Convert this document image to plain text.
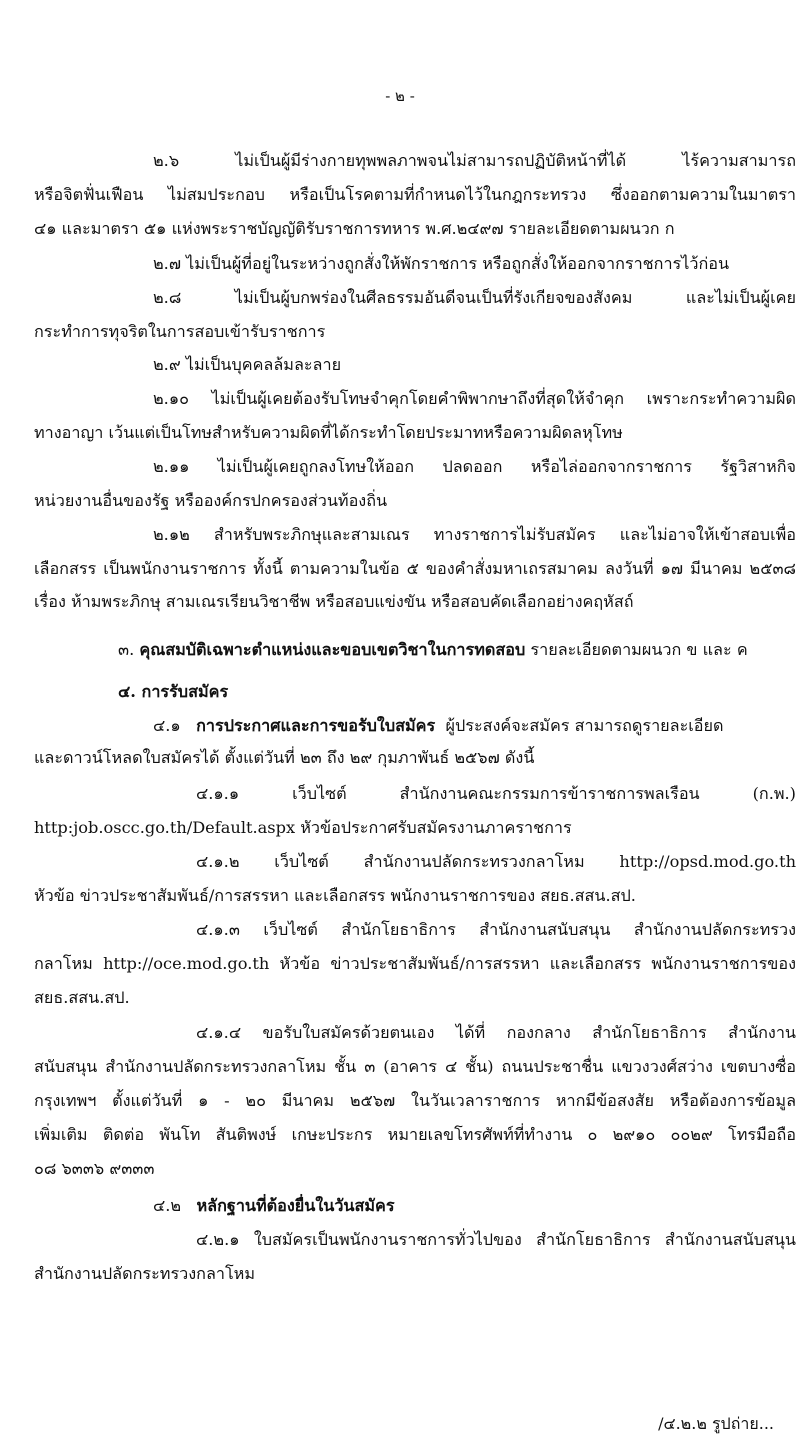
- ๒ -
๒.๖ ไม่เป็นผู้มีร่างกายทุพพลภาพจนไม่สามารถปฏิบัติหน้าที่ได้ ไร้ความสามารถ
หรือจิตฟั่นเฟือน ไม่สมประกอบ หรือเป็นโรคตามที่กำหนดไว้ในกฎกระทรวง ซึ่งออกตามความในมาตรา
๔๑ และมาตรา ๕๑ แห่งพระราชบัญญัติรับราชการทหาร พ.ศ.๒๔๙๗ รายละเอียดตามผนวก ก
๒.๗ ไม่เป็นผู้ที่อยู่ในระหว่างถูกสั่งให้พักราชการ หรือถูกสั่งให้ออกจากราชการไว้ก่อน
๒.๘ ไม่เป็นผู้บกพร่องในศีลธรรมอันดีจนเป็นที่รังเกียจของสังคม และไม่เป็นผู้เคย
กระทำการทุจริตในการสอบเข้ารับราชการ
๒.๙ ไม่เป็นบุคคลล้มละลาย
๒.๑๐ ไม่เป็นผู้เคยต้องรับโทษจำคุกโดยคำพิพากษาถึงที่สุดให้จำคุก เพราะกระทำความผิด
ทางอาญา เว้นแต่เป็นโทษสำหรับความผิดที่ได้กระทำโดยประมาทหรือความผิดลหุโทษ
๒.๑๑ ไม่เป็นผู้เคยถูกลงโทษให้ออก ปลดออก หรือไล่ออกจากราชการ รัฐวิสาหกิจ
หน่วยงานอื่นของรัฐ หรือองค์กรปกครองส่วนท้องถิ่น
๒.๑๒ สำหรับพระภิกษุและสามเณร ทางราชการไม่รับสมัคร และไม่อาจให้เข้าสอบเพื่อ
เลือกสรร เป็นพนักงานราชการ ทั้งนี้ ตามความในข้อ ๕ ของคำสั่งมหาเถรสมาคม ลงวันที่ ๑๗ มีนาคม ๒๕๓๘
เรื่อง ห้ามพระภิกษุ สามเณรเรียนวิชาชีพ หรือสอบแข่งขัน หรือสอบคัดเลือกอย่างคฤหัสถ์
๓. คุณสมบัติเฉพาะตำแหน่งและขอบเขตวิชาในการทดสอบ รายละเอียดตามผนวก ข และ ค
๔. การรับสมัคร
๔.๑ การประกาศและการขอรับใบสมัคร ผู้ประสงค์จะสมัคร สามารถดูรายละเอียด
และดาวน์โหลดใบสมัครได้ ตั้งแต่วันที่ ๒๓ ถึง ๒๙ กุมภาพันธ์ ๒๕๖๗ ดังนี้
๔.๑.๑ เว็บไซต์ สำนักงานคณะกรรมการข้าราชการพลเรือน (ก.พ.)
http:job.oscc.go.th/Default.aspx หัวข้อประกาศรับสมัครงานภาคราชการ
๔.๑.๒ เว็บไซต์ สำนักงานปลัดกระทรวงกลาโหม http://opsd.mod.go.th
หัวข้อ ข่าวประชาสัมพันธ์/การสรรหา และเลือกสรร พนักงานราชการของ สยธ.สสน.สป.
๔.๑.๓ เว็บไซต์ สำนักโยธาธิการ สำนักงานสนับสนุน สำนักงานปลัดกระทรวง
กลาโหม http://oce.mod.go.th หัวข้อ ข่าวประชาสัมพันธ์/การสรรหา และเลือกสรร พนักงานราชการของ
สยธ.สสน.สป.
๔.๑.๔ ขอรับใบสมัครด้วยตนเอง ได้ที่ กองกลาง สำนักโยธาธิการ สำนักงาน
สนับสนุน สำนักงานปลัดกระทรวงกลาโหม ชั้น ๓ (อาคาร ๔ ชั้น) ถนนประชาชื่น แขวงวงศ์สว่าง เขตบางซื่อ
กรุงเทพฯ ตั้งแต่วันที่ ๑ - ๒๐ มีนาคม ๒๕๖๗ ในวันเวลาราชการ หากมีข้อสงสัย หรือต้องการข้อมูล
เพิ่มเติม ติดต่อ พันโท สันติพงษ์ เกษะประกร หมายเลขโทรศัพท์ที่ทำงาน ๐ ๒๙๑๐ ๐๐๒๙ โทรมือถือ
๐๘ ๖๓๓๖ ๙๓๓๓
๔.๒ หลักฐานที่ต้องยื่นในวันสมัคร
๔.๒.๑ ใบสมัครเป็นพนักงานราชการทั่วไปของ สำนักโยธาธิการ สำนักงานสนับสนุน
สำนักงานปลัดกระทรวงกลาโหม
/๔.๒.๒ รูปถ่าย...
